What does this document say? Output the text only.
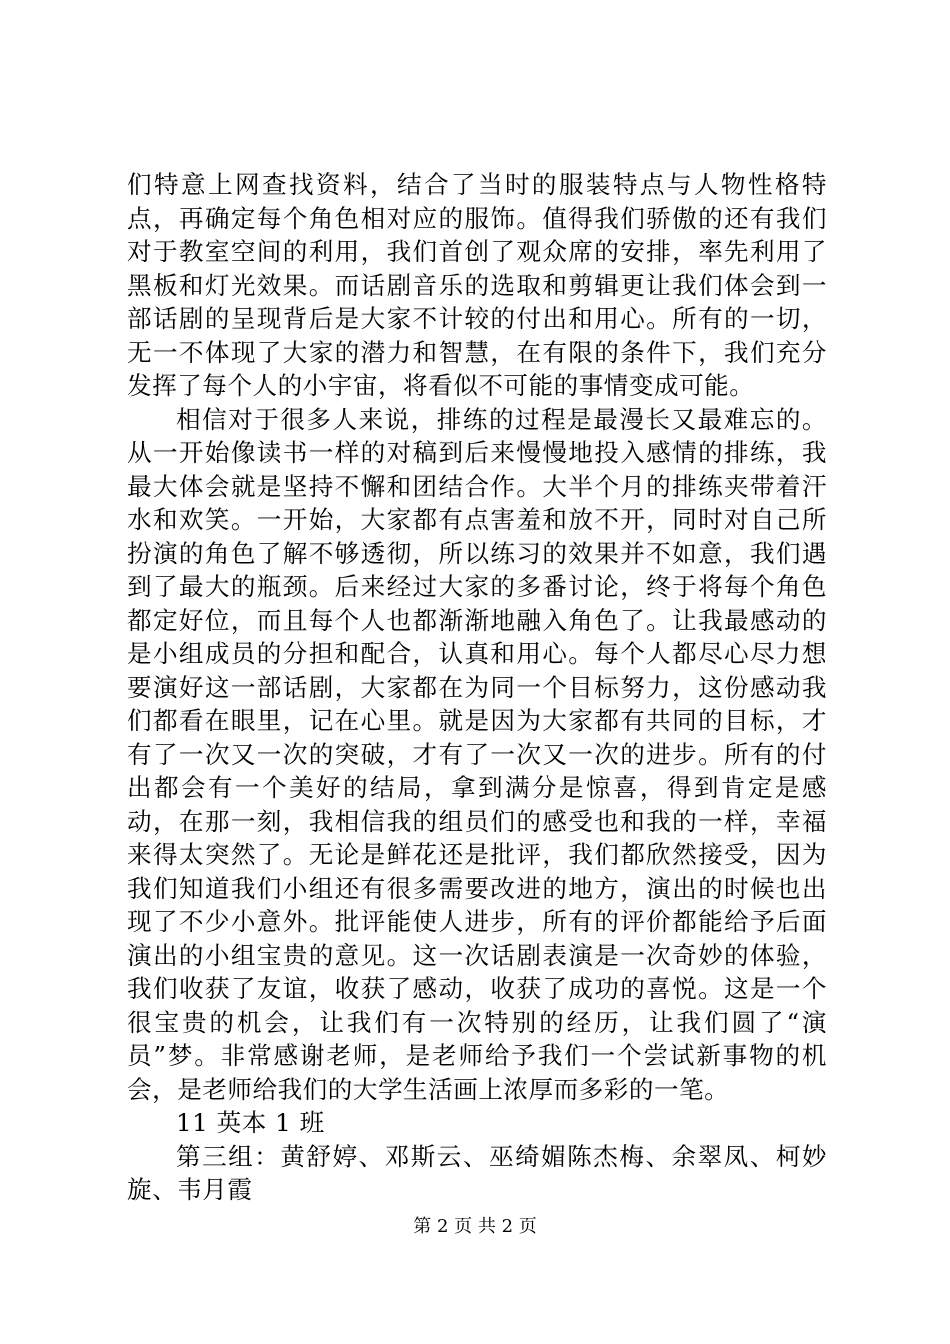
们特意上网查找资料，结合了当时的服装特点与人物性格特点，再确定每个角色相对应的服饰。值得我们骄傲的还有我们对于教室空间的利用，我们首创了观众席的安排，率先利用了黑板和灯光效果。而话剧音乐的选取和剪辑更让我们体会到一部话剧的呈现背后是大家不计较的付出和用心。所有的一切，无一不体现了大家的潜力和智慧，在有限的条件下，我们充分发挥了每个人的小宇宙，将看似不可能的事情变成可能。

相信对于很多人来说，排练的过程是最漫长又最难忘的。从一开始像读书一样的对稿到后来慢慢地投入感情的排练，我最大体会就是坚持不懈和团结合作。大半个月的排练夹带着汗水和欢笑。一开始，大家都有点害羞和放不开，同时对自己所扮演的角色了解不够透彻，所以练习的效果并不如意，我们遇到了最大的瓶颈。后来经过大家的多番讨论，终于将每个角色都定好位，而且每个人也都渐渐地融入角色了。让我最感动的是小组成员的分担和配合，认真和用心。每个人都尽心尽力想要演好这一部话剧，大家都在为同一个目标努力，这份感动我们都看在眼里，记在心里。就是因为大家都有共同的目标，才有了一次又一次的突破，才有了一次又一次的进步。所有的付出都会有一个美好的结局，拿到满分是惊喜，得到肯定是感动，在那一刻，我相信我的组员们的感受也和我的一样，幸福来得太突然了。无论是鲜花还是批评，我们都欣然接受，因为我们知道我们小组还有很多需要改进的地方，演出的时候也出现了不少小意外。批评能使人进步，所有的评价都能给予后面演出的小组宝贵的意见。这一次话剧表演是一次奇妙的体验，我们收获了友谊，收获了感动，收获了成功的喜悦。这是一个很宝贵的机会，让我们有一次特别的经历，让我们圆了“演员”梦。非常感谢老师，是老师给予我们一个尝试新事物的机会，是老师给我们的大学生活画上浓厚而多彩的一笔。

11 英本 1 班

第三组：黄舒婷、邓斯云、巫绮媚陈杰梅、余翠凤、柯妙旋、韦月霞

第 2 页 共 2 页
